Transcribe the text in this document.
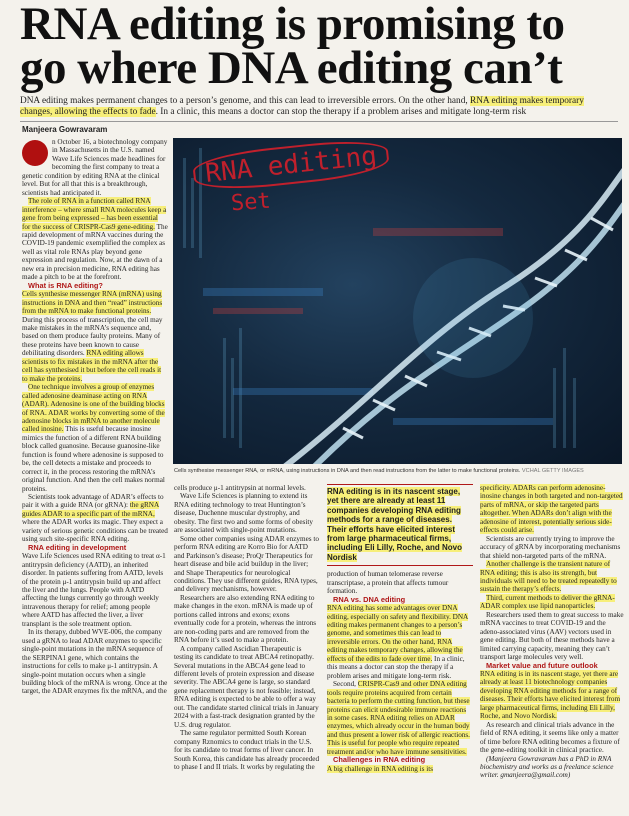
RNA editing is promising to
go where DNA editing can’t

DNA editing makes permanent changes to a person’s genome, and this can lead to irreversible errors. On the other hand, RNA editing makes temporary changes, allowing the effects to fade. In a clinic, this means a doctor can stop the therapy if a problem arises and mitigate long-term risk

Manjeera Gowravaram

n October 16, a biotechnology company in Massachusetts in the U.S. named Wave Life Sciences made headlines for becoming the first company to treat a genetic condition by editing RNA at the clinical level. But for all that this is a breakthrough, scientists had anticipated it.

The role of RNA in a function called RNA interference – where small RNA molecules keep a gene from being expressed – has been essential for the success of CRISPR-Cas9 gene-editing. The rapid development of mRNA vaccines during the COVID-19 pandemic exemplified the complex as well as vital role RNAs play beyond gene expression and regulation. Now, at the dawn of a new era in precision medicine, RNA editing has made a pitch to be at the forefront.

What is RNA editing?

Cells synthesise messenger RNA (mRNA) using instructions in DNA and then “read” instructions from the mRNA to make functional proteins. During this process of transcription, the cell may make mistakes in the mRNA’s sequence and, based on them produce faulty proteins. Many of these proteins have been known to cause debilitating disorders. RNA editing allows scientists to fix mistakes in the mRNA after the cell has synthesised it but before the cell reads it to make the proteins.

One technique involves a group of enzymes called adenosine deaminase acting on RNA (ADAR). Adenosine is one of the building blocks of RNA. ADAR works by converting some of the adenosine blocks in mRNA to another molecule called inosine. This is useful because inosine mimics the function of a different RNA building block called guanosine. Because guanosine-like function is found where adenosine is supposed to be, the cell detects a mistake and proceeds to correct it, in the process restoring the mRNA’s original function. And then the cell makes normal proteins.

Scientists took advantage of ADAR’s effects to pair it with a guide RNA (or gRNA): the gRNA guides ADAR to a specific part of the mRNA, where the ADAR works its magic. They expect a variety of serious genetic conditions can be treated using such site-specific RNA editing.

RNA editing in development

Wave Life Sciences used RNA editing to treat α-1 antitrypsin deficiency (AATD), an inherited disorder. In patients suffering from AATD, levels of the protein μ-1 antitrypsin build up and affect the liver and the lungs. People with AATD affecting the lungs currently go through weekly intravenous therapy for relief; among people where AATD has affected the liver, a liver transplant is the sole treatment option.

In its therapy, dubbed WVE-006, the company used a gRNA to lead ADAR enzymes to specific single-point mutations in the mRNA sequence of the SERPINA1 gene, which contains the instructions for cells to make μ-1 antitrypsin. A single-point mutation occurs when a single building block of the mRNA is wrong. Once at the target, the ADAR enzymes fix the mRNA, and the

RNA editing
Set
Cells synthesise messenger RNA, or mRNA, using instructions in DNA and then read instructions from the latter to make functional proteins. VCHAL GETTY IMAGES

cells produce μ-1 antitrypsin at normal levels.

Wave Life Sciences is planning to extend its RNA editing technology to treat Huntington’s disease, Duchenne muscular dystrophy, and obesity. The first two and some forms of obesity are associated with single-point mutations.

Some other companies using ADAR enzymes to perform RNA editing are Korro Bio for AATD and Parkinson’s disease; ProQr Therapeutics for heart disease and bile acid buildup in the liver; and Shape Therapeutics for neurological conditions. They use different guides, RNA types, and delivery mechanisms, however.

Researchers are also extending RNA editing to make changes in the exon. mRNA is made up of portions called introns and exons; exons eventually code for a protein, whereas the introns are non-coding parts and are removed from the RNA before it’s used to make a protein.

A company called Ascidian Therapeutic is testing its candidate to treat ABCA4 retinopathy. Several mutations in the ABCA4 gene lead to different levels of protein expression and disease severity. The ABCA4 gene is large, so standard gene replacement therapy is not feasible; instead, RNA editing is expected to be able to offer a way out. The candidate started clinical trials in January 2024 with a fast-track designation granted by the U.S. drug regulator.

The same regulator permitted South Korean company Rznomics to conduct trials in the U.S. for its candidate to treat forms of liver cancer. In South Korea, this candidate has already proceeded to phase I and II trials. It works by regulating the

RNA editing is in its nascent stage, yet there are already at least 11 companies developing RNA editing methods for a range of diseases. Their efforts have elicited interest from large pharmaceutical firms, including Eli Lilly, Roche, and Novo Nordisk

production of human telomerase reverse transcriptase, a protein that affects tumour formation.

RNA vs. DNA editing

RNA editing has some advantages over DNA editing, especially on safety and flexibility. DNA editing makes permanent changes to a person’s genome, and sometimes this can lead to irreversible errors. On the other hand, RNA editing makes temporary changes, allowing the effects of the edits to fade over time. In a clinic, this means a doctor can stop the therapy if a problem arises and mitigate long-term risk.

Second, CRISPR-Cas9 and other DNA editing tools require proteins acquired from certain bacteria to perform the cutting function, but these proteins can elicit undesirable immune reactions in some cases. RNA editing relies on ADAR enzymes, which already occur in the human body and thus present a lower risk of allergic reactions. This is useful for people who require repeated treatment and/or who have immune sensitivities.

Challenges in RNA editing

A big challenge in RNA editing is its

specificity. ADARs can perform adenosine-inosine changes in both targeted and non-targeted parts of mRNA, or skip the targeted parts altogether. When ADARs don’t align with the adenosine of interest, potentially serious side-effects could arise.

Scientists are currently trying to improve the accuracy of gRNA by incorporating mechanisms that shield non-targeted parts of the mRNA.

Another challenge is the transient nature of RNA editing; this is also its strength, but individuals will need to be treated repeatedly to sustain the therapy’s effects.

Third, current methods to deliver the gRNA-ADAR complex use lipid nanoparticles.

Researchers used them to great success to make mRNA vaccines to treat COVID-19 and the adeno-associated virus (AAV) vectors used in gene editing. But both of these methods have a limited carrying capacity, meaning they can’t transport large molecules very well.

Market value and future outlook

RNA editing is in its nascent stage, yet there are already at least 11 biotechnology companies developing RNA editing methods for a range of diseases. Their efforts have elicited interest from large pharmaceutical firms, including Eli Lilly, Roche, and Novo Nordisk.

As research and clinical trials advance in the field of RNA editing, it seems like only a matter of time before RNA editing becomes a fixture of the gene-editing toolkit in clinical practice.

(Manjeera Gowravaram has a PhD in RNA biochemistry and works as a freelance science writer. gmanjeera@gmail.com)
